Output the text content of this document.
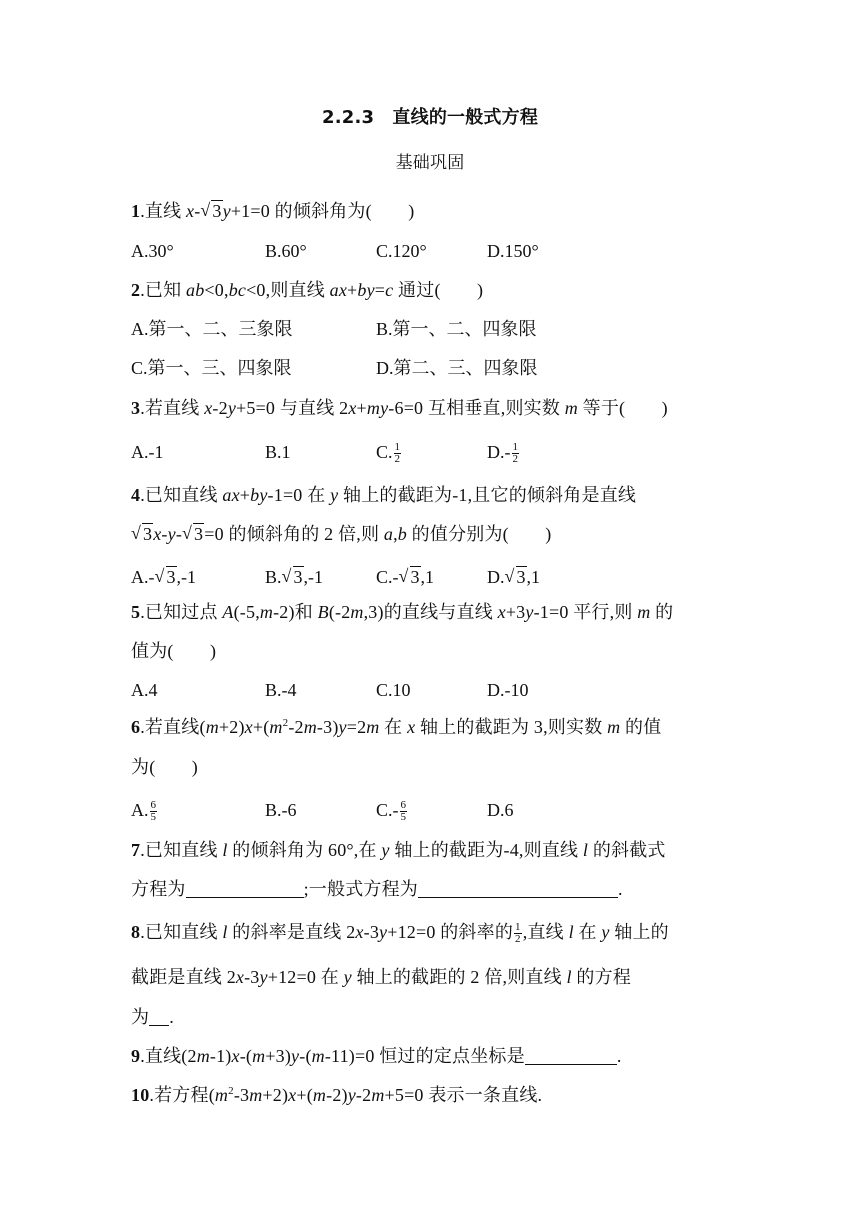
2.2.3　直线的一般式方程
基础巩固
1.直线 x- √ 3y+1=0 的倾斜角为(　　)
A.30°	B.60°	C.120°	D.150°
2.已知 ab<0,bc<0,则直线 ax+by=c 通过(　　)
A.第一、二、三象限	B.第一、二、四象限
C.第一、三、四象限	D.第二、三、四象限
3.若直线 x-2y+5=0 与直线 2x+my-6=0 互相垂直,则实数 m 等于(　　)
A.-1	B.1	C. $\frac{1}{2}$	$D.- \frac{1}{2}$
4.已知直线 ax+by-1=0 在 y 轴上的截距为-1,且它的倾斜角是直线
√ 3x-y- √ 3=0 的倾斜角的 2 倍,则 a,b 的值分别为(　　)
A.- √ 3,-1	B. √ 3,-1	C.- √ 3,1	D. √ 3,1
5.已知过点 A(-5,m-2)和 B(-2m,3)的直线与直线 x+3y-1=0 平行,则 m 的
值为(　　)
A.4	B.-4	C.10	D.-10
6.若直线$(m+2)x+(m^2-2m-3)y=2m$ 在 x 轴上的截距为 3,则实数 m 的值
为(　　)
A. $\frac{6}{5}$	B.-6	$C.- \frac{6}{5}$	D.6
7.已知直线 l 的倾斜角为 60°,在 y 轴上的截距为-4,则直线 l 的斜截式
方程为	;一般式方程为	.
8.已知直线 l 的斜率是直线 2x-3y+12=0 的斜率的 $\frac{1}{2}$ ,直线 l 在 y 轴上的
截距是直线 2x-3y+12=0 在 y 轴上的截距的 2 倍,则直线 l 的方程
为 .
9.直线(2m-1)x-(m+3)y-(m-11)=0 恒过的定点坐标是	.
10.若方程$(m^2-3m+2)x+(m-2)y-2m+5=0$ 表示一条直线.
